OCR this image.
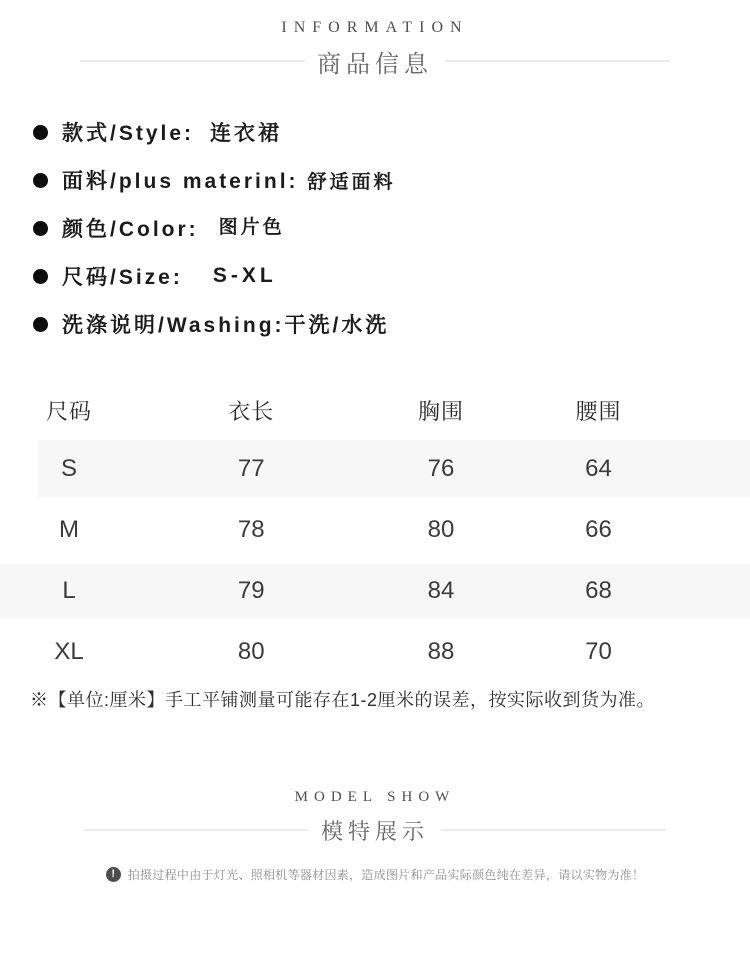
INFORMATION
商品信息
款式/Style: 连衣裙
面料/plus materinl: 舒适面料
颜色/Color: 图片色
尺码/Size: S-XL
洗涤说明/Washing: 干洗/水洗
尺码	衣长	胸围	腰围
S	77	76	64
M	78	80	66
L	79	84	68
XL	80	88	70
※【单位:厘米】手工平铺测量可能存在1-2厘米的误差，按实际收到货为准。
MODEL SHOW
模特展示
!	拍摄过程中由于灯光、照相机等器材因素，造成图片和产品实际颜色纯在差异，请以实物为准！
